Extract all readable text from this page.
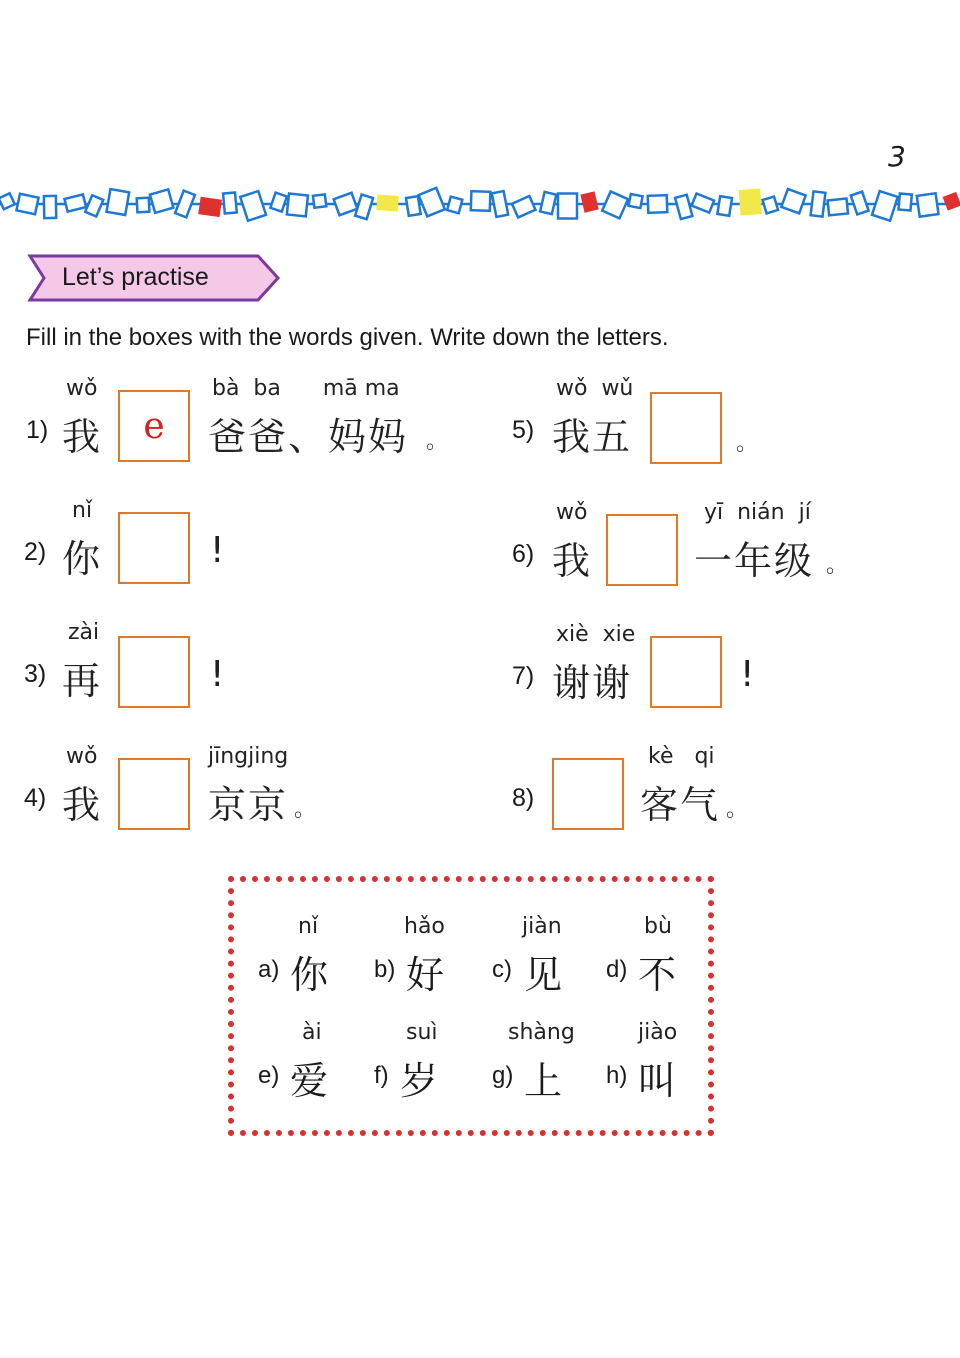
3
Let’s practise
Fill in the boxes with the words given. Write down the letters.
wǒ
1) 我	e
bà  ba      mā ma
爸爸、妈妈 。
nǐ
2) 你	!
zài
3) 再	!
wǒ
4) 我
jīngjing
京京 。
wǒ  wǔ
5) 我五	。
wǒ
6) 我
yī  nián  jí
一年级 。
xiè  xie
7) 谢谢	!
8)
kè   qi
客气 。
nǐ
a) 你
hǎo
b) 好
jiàn
c) 见
bù
d) 不
ài
e) 爱
suì
f) 岁
shàng
g) 上
jiào
h) 叫
